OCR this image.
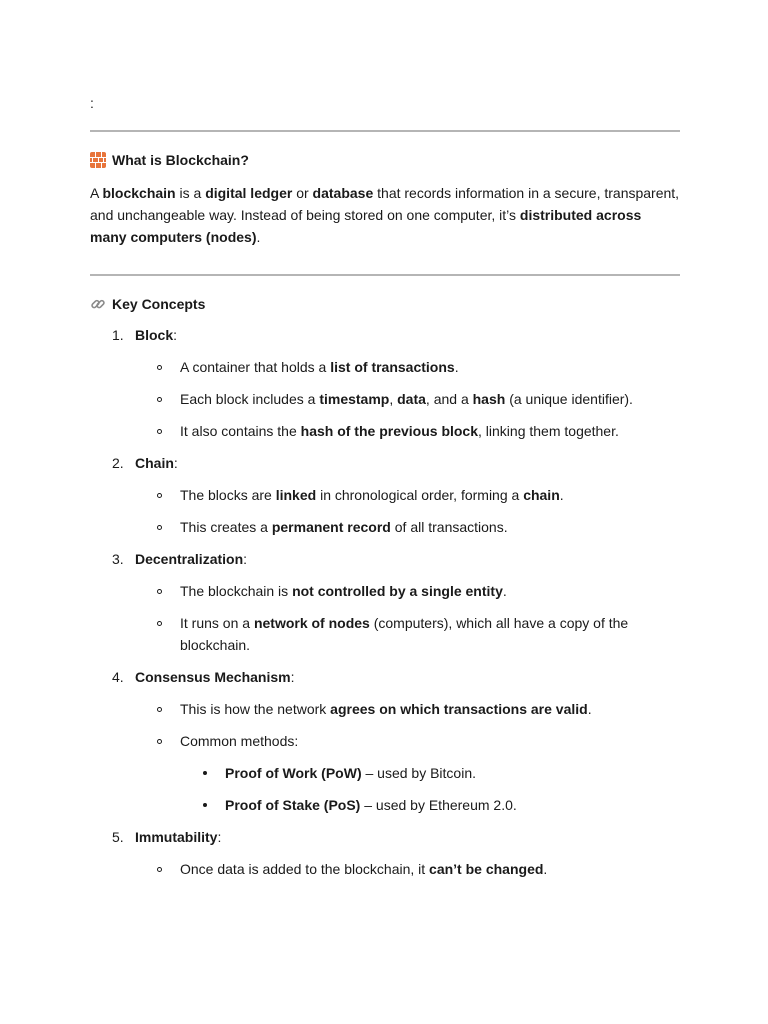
:
What is Blockchain?
A blockchain is a digital ledger or database that records information in a secure, transparent, and unchangeable way. Instead of being stored on one computer, it’s distributed across many computers (nodes).
Key Concepts
1. Block:
A container that holds a list of transactions.
Each block includes a timestamp, data, and a hash (a unique identifier).
It also contains the hash of the previous block, linking them together.
2. Chain:
The blocks are linked in chronological order, forming a chain.
This creates a permanent record of all transactions.
3. Decentralization:
The blockchain is not controlled by a single entity.
It runs on a network of nodes (computers), which all have a copy of the blockchain.
4. Consensus Mechanism:
This is how the network agrees on which transactions are valid.
Common methods:
Proof of Work (PoW) – used by Bitcoin.
Proof of Stake (PoS) – used by Ethereum 2.0.
5. Immutability:
Once data is added to the blockchain, it can’t be changed.
